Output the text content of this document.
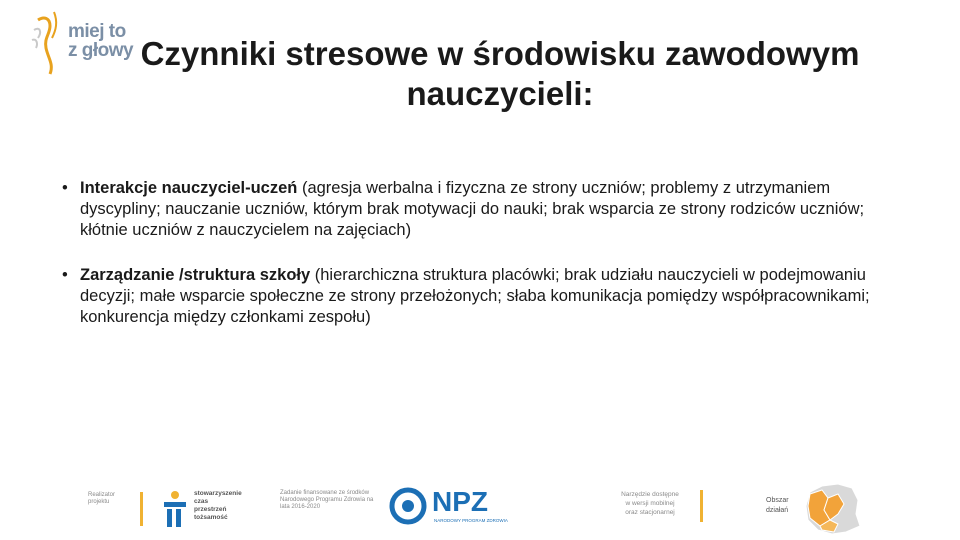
miej to
z głowy Czynniki stresowe w środowisku zawodowym
nauczycieli:
• Interakcje nauczyciel-uczeń (agresja werbalna i fizyczna ze strony uczniów; problemy z utrzymaniem dyscypliny; nauczanie uczniów, którym brak motywacji do nauki; brak wsparcia ze strony rodziców uczniów; kłótnie uczniów z nauczycielem na zajęciach)
• Zarządzanie /struktura szkoły (hierarchiczna struktura placówki; brak udziału nauczycieli w podejmowaniu decyzji; małe wsparcie społeczne ze strony przełożonych; słaba komunikacja pomiędzy współpracownikami; konkurencja między członkami zespołu)
Realizator projektu
stowarzyszenie
czas
przestrzeń
tożsamość
Zadanie finansowane ze środków Narodowego Programu Zdrowia na lata 2016-2020	NPZ
NARODOWY PROGRAM ZDROWIA
Narzędzie dostępne
w wersji mobilnej
oraz stacjonarnej
Obszar
działań
